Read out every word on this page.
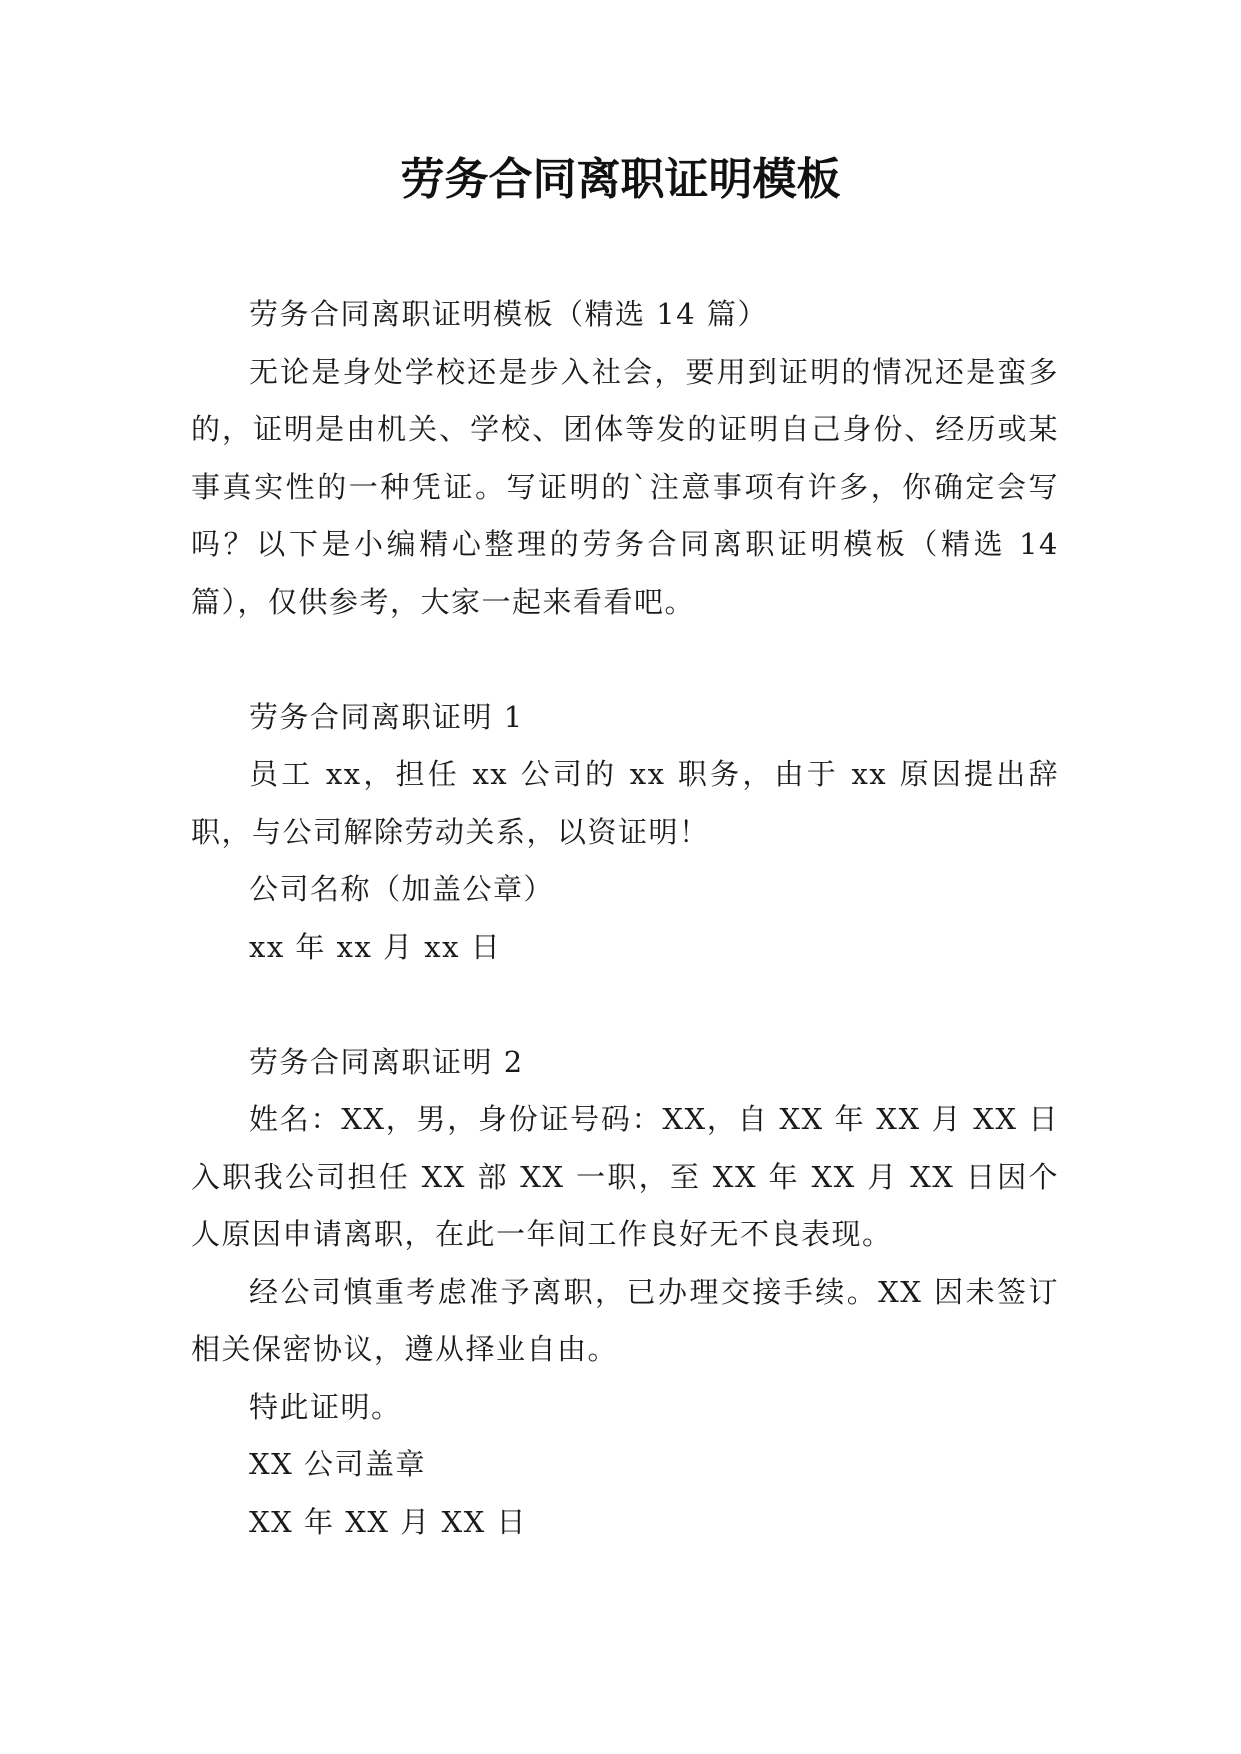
劳务合同离职证明模板

劳务合同离职证明模板（精选 14 篇）

无论是身处学校还是步入社会，要用到证明的情况还是蛮多的，证明是由机关、学校、团体等发的证明自己身份、经历或某事真实性的一种凭证。写证明的`注意事项有许多，你确定会写吗？以下是小编精心整理的劳务合同离职证明模板（精选 14 篇），仅供参考，大家一起来看看吧。

劳务合同离职证明 1

员工 xx，担任 xx 公司的 xx 职务，由于 xx 原因提出辞职，与公司解除劳动关系，以资证明！

公司名称（加盖公章）

xx 年 xx 月 xx 日

劳务合同离职证明 2

姓名：XX，男，身份证号码：XX，自 XX 年 XX 月 XX 日入职我公司担任 XX 部 XX 一职，至 XX 年 XX 月 XX 日因个人原因申请离职，在此一年间工作良好无不良表现。

经公司慎重考虑准予离职，已办理交接手续。XX 因未签订相关保密协议，遵从择业自由。

特此证明。

XX 公司盖章

XX 年 XX 月 XX 日
